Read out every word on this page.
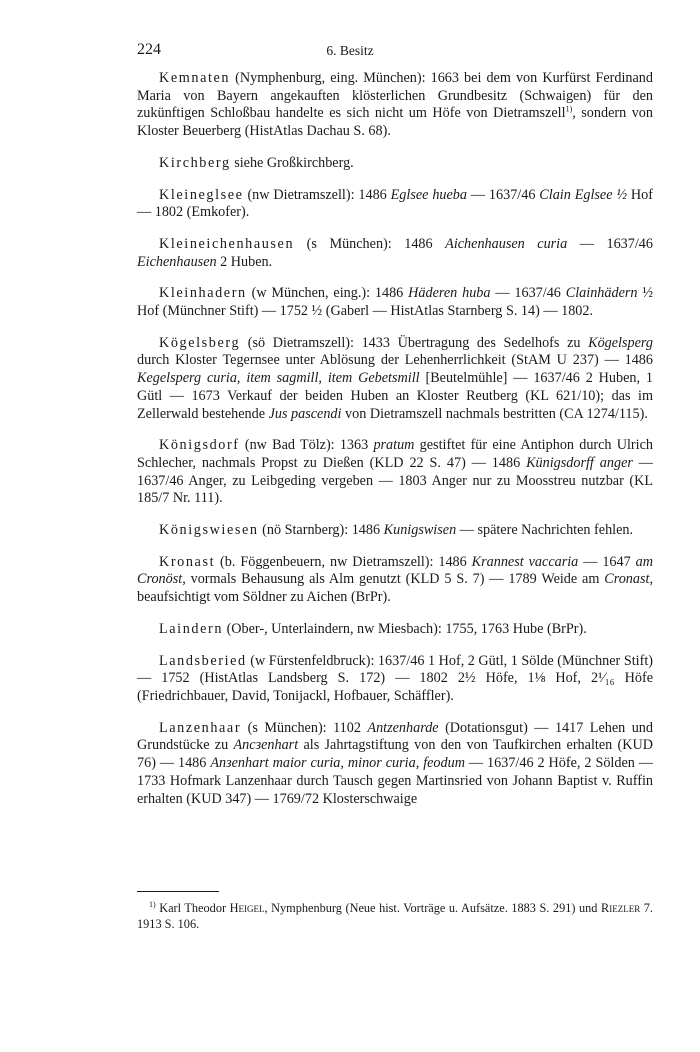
224	6. Besitz

Kemnaten (Nymphenburg, eing. München): 1663 bei dem von Kurfürst Ferdinand Maria von Bayern angekauften klösterlichen Grundbesitz (Schwaigen) für den zukünftigen Schloßbau handelte es sich nicht um Höfe von Dietramszell$^{1)}$, sondern von Kloster Beuerberg (HistAtlas Dachau S. 68).

Kirchberg siehe Großkirchberg.

Kleineglsee (nw Dietramszell): 1486 Eglsee hueba — 1637/46 Clain Eglsee ½ Hof — 1802 (Emkofer).

Kleineichenhausen (s München): 1486 Aichenhausen curia — 1637/46 Eichenhausen 2 Huben.

Kleinhadern (w München, eing.): 1486 Häderen huba — 1637/46 Clainhädern ½ Hof (Münchner Stift) — 1752 ½ (Gaberl — HistAtlas Starnberg S. 14) — 1802.

Kögelsberg (sö Dietramszell): 1433 Übertragung des Sedelhofs zu Kögelsperg durch Kloster Tegernsee unter Ablösung der Lehenherrlichkeit (StAM U 237) — 1486 Kegelsperg curia, item sagmill, item Gebetsmill [Beutelmühle] — 1637/46 2 Huben, 1 Gütl — 1673 Verkauf der beiden Huben an Kloster Reutberg (KL 621/10); das im Zellerwald bestehende Jus pascendi von Dietramszell nachmals bestritten (CA 1274/115).

Königsdorf (nw Bad Tölz): 1363 pratum gestiftet für eine Antiphon durch Ulrich Schlecher, nachmals Propst zu Dießen (KLD 22 S. 47) — 1486 Künigsdorff anger — 1637/46 Anger, zu Leibgeding vergeben — 1803 Anger nur zu Moosstreu nutzbar (KL 185/7 Nr. 111).

Königswiesen (nö Starnberg): 1486 Kunigswisen — spätere Nachrichten fehlen.

Kronast (b. Föggenbeuern, nw Dietramszell): 1486 Krannest vaccaria — 1647 am Cronöst, vormals Behausung als Alm genutzt (KLD 5 S. 7) — 1789 Weide am Cronast, beaufsichtigt vom Söldner zu Aichen (BrPr).

Laindern (Ober-, Unterlaindern, nw Miesbach): 1755, 1763 Hube (BrPr).

Landsberied (w Fürstenfeldbruck): 1637/46 1 Hof, 2 Gütl, 1 Sölde (Münchner Stift) — 1752 (HistAtlas Landsberg S. 172) — 1802 2½ Höfe, 1⅛ Hof, 2¹⁄₁₆ Höfe (Friedrichbauer, David, Tonijackl, Hofbauer, Schäffler).

Lanzenhaar (s München): 1102 Antzenharde (Dotationsgut) — 1417 Lehen und Grundstücke zu Ancзenhart als Jahrtagstiftung von den von Taufkirchen erhalten (KUD 76) — 1486 Anзenhart maior curia, minor curia, feodum — 1637/46 2 Höfe, 2 Sölden — 1733 Hofmark Lanzenhaar durch Tausch gegen Martinsried von Johann Baptist v. Ruffin erhalten (KUD 347) — 1769/72 Klosterschwaige

$^{1)}$ Karl Theodor Heigel, Nymphenburg (Neue hist. Vorträge u. Aufsätze. 1883 S. 291) und Riezler 7. 1913 S. 106.
